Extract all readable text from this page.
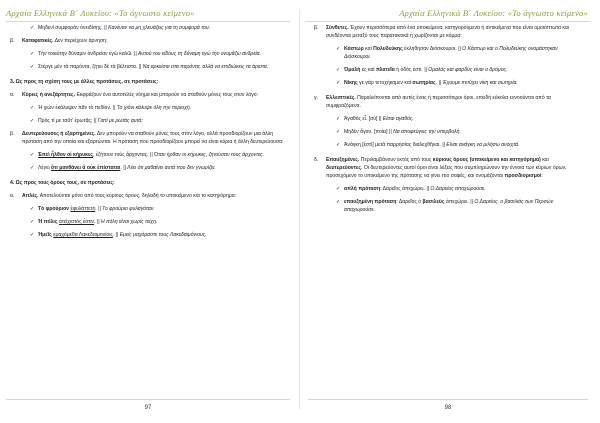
Αρχαία Ελληνικά Β΄ Λυκείου: «Το άγνωστο κείμενο»
✓ Μηδενί συμφοράν ὀνειδίσῃς. || Κανέναν να μη χλευάζεις για τη συμφορά του.
β. Καταφατικές. Δεν περιέχουν άρνηση:
✓ Τὴν τοιαύτην δύναμιν ἀνδρείαν ἐγὼ καλῶ. || Αυτού του είδους τη δύναμη εγώ την ονομάζω ανδρεία.
✓ Στέργε μὲν τὰ παρόντα, ζήτει δὲ τὰ βέλτιστα. || Να αρκείσαι στα παρόντα, αλλά να επιδιώκεις τα άριστα.
3. Ως προς τη σχέση τους με άλλες προτάσεις, σε προτάσεις:
α. Κύριες ή ανεξάρτητες. Εκφράζουν ένα αυτοτελές νόημα και μπορούν να σταθούν μόνες τους στον λόγο:
✓ Ἡ χιὼν ἐκάλυψεν πᾶν τὸ πεδίον. || Το χιόνι κάλυψε όλη την περιοχή.
✓ Πρὸς τί με ταῦτ’ ἐρωτᾷς; || Γιατί με ρωτάς αυτά;
β. Δευτερεύουσες ή εξαρτημένες. Δεν μπορούν να σταθούν μόνες τους στον λόγο, αλλά προσδιορίζουν μια άλλη πρόταση από την οποία και εξαρτώνται. Η πρόταση που προσδιορίζουν μπορεί να είναι κύρια ή άλλη δευτερεύουσα:
✓ Ἐπεὶ ἦλθον οἱ κήρυκες, ἐζήτουν τοὺς ἄρχοντας. || Όταν ήρθαν οι κήρυκες, ζητούσαν τους άρχοντες.
✓ Λέγει ὅτι μανθάνει ἃ οὐκ ἐπίσταται. || Λέει ότι μαθαίνει αυτά που δεν γνωρίζει.
4. Ως προς τους όρους τους, σε προτάσεις:
α. Απλές. Αποτελούνται μόνο από τους κύριους όρους, δηλαδή το υποκείμενο και το κατηγόρημα:
✓ Τὸ φρούριον ἐφυλάττετο. || Το φρούριο φυλαγόταν.
✓ Ἡ πόλις ἀτείχιστός ἐστιν. || Η πόλη είναι χωρίς τείχη.
✓ Ἡμεῖς ἐμαχόμεθα Λακεδαιμονίοις. || Εμείς μαχόμαστε τους Λακεδαιμόνιους.
97
Αρχαία Ελληνικά Β΄ Λυκείου: «Το άγνωστο κείμενο»
β. Σύνθετες. Έχουν περισσότερα από ένα υποκείμενα, κατηγορούμενα ή αντικείμενα που είναι ομοιόπτωτα και συνδέονται μεταξύ τους παρατακτικά ή χωρίζονται με κόμμα:
✓ Κάστωρ καὶ Πολυδεύκης ἐκλήθησαν Διόσκουροι. || Ο Κάστωρ και ο Πολυδεύκης ονομάστηκαν Διόσκουροι.
✓ Ὁμαλὴ ἐς καὶ πλατεῖα ἡ ὁδός ἐστι. || Ομαλός και φαρδύς είναι ο δρόμος.
✓ Νίκης γε γὰρ τετυχήκαμεν καὶ σωτηρίας. || Έχουμε πετύχει νίκη και σωτηρία.
γ. Ελλειπτικές. Παραλείπονται από αυτές ένας ή περισσότεροι όροι, επειδή εύκολα εννοούνται από τα συμφραζόμενα.
✓ Ἀγαθὸς εἶ. [σύ] || Είσαι αγαθός.
✓ Μηδὲν ἄγαν. [ποίει] || Να αποφεύγεις την υπερβολή.
✓ Ἀνάγκη [ἐστί] μετὰ παρρησίας διαλεχθῆναι. || Είναι ανάγκη να μιλήσω ανοιχτά.
δ. Επαυξημένες. Περιλαμβάνουν εκτός από τους κύριους όρους (υποκείμενο και κατηγόρημα) και δευτερεύοντες. Οι δευτερεύοντες αυτοί όροι είναι λέξεις που συμπληρώνουν την έννοια των κύριων όρων, προσεχόμενο το υποκείμενο της πρότασης να γίνει πιο σαφές, και ονομάζονται προσδιορισμοί:
✓ απλή πρόταση: Δαρεῖος ἀπεχώρει. || Ο Δαρείος αποχωρούσε.
✓ επαυξημένη πρόταση: Δαρεῖος ὁ βασιλεὺς ἀπεχώρει. || Ο Δαρείος, ο βασιλιάς των Περσών αποχωρούσε.
98
